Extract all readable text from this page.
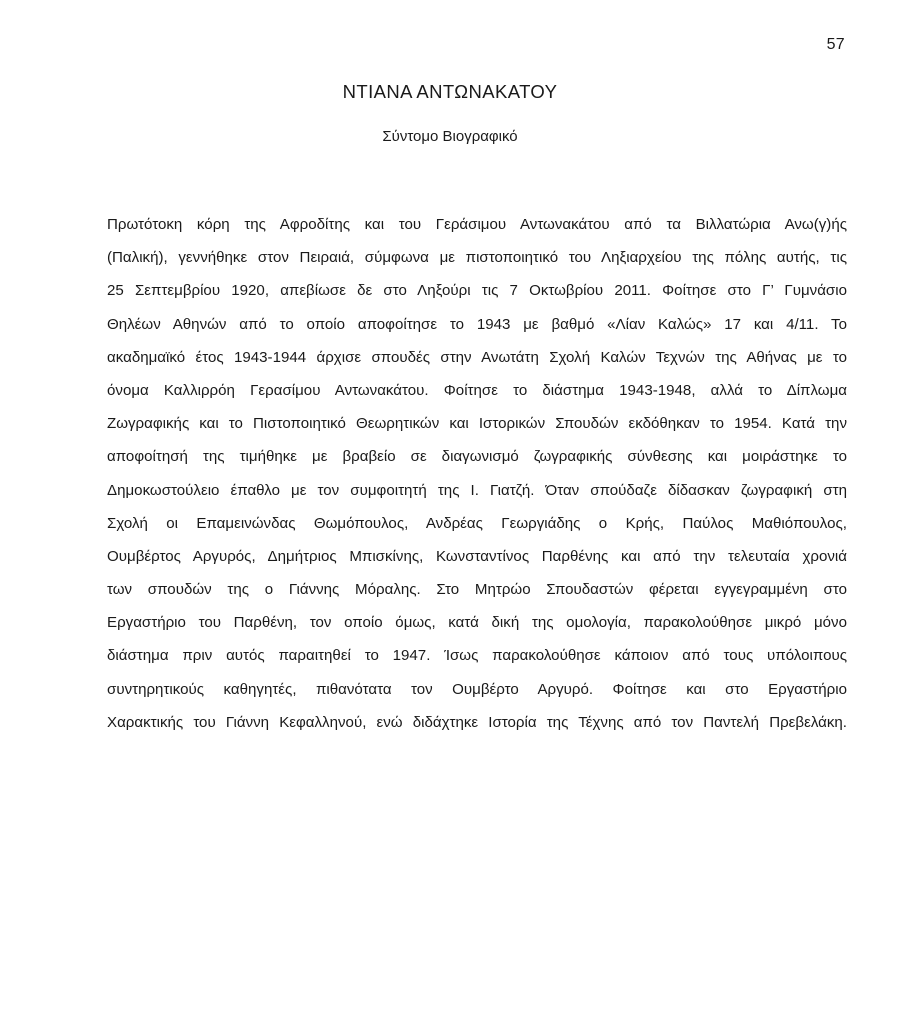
57
ΝΤΙΑΝΑ ΑΝΤΩΝΑΚΑΤΟΥ
Σύντομο Βιογραφικό
Πρωτότοκη κόρη της Αφροδίτης και του Γεράσιμου Αντωνακάτου από τα Βιλλατώρια Ανω(γ)ής
(Παλική), γεννήθηκε στον Πειραιά, σύμφωνα με πιστοποιητικό του Ληξιαρχείου της πόλης αυτής, τις
25 Σεπτεμβρίου 1920, απεβίωσε δε στο Ληξούρι τις 7 Οκτωβρίου 2011. Φοίτησε στο Γ’ Γυμνάσιο
Θηλέων Αθηνών από το οποίο αποφοίτησε το 1943 με βαθμό «Λίαν Καλώς» 17 και 4/11. Το
ακαδημαϊκό έτος 1943-1944 άρχισε σπουδές στην Ανωτάτη Σχολή Καλών Τεχνών της Αθήνας με το
όνομα Καλλιρρόη Γερασίμου Αντωνακάτου. Φοίτησε το διάστημα 1943-1948, αλλά το Δίπλωμα
Ζωγραφικής και το Πιστοποιητικό Θεωρητικών και Ιστορικών Σπουδών εκδόθηκαν το 1954. Κατά την
αποφοίτησή της τιμήθηκε με βραβείο σε διαγωνισμό ζωγραφικής σύνθεσης και μοιράστηκε το
Δημοκωστούλειο έπαθλο με τον συμφοιτητή της Ι. Γιατζή. Όταν σπούδαζε δίδασκαν ζωγραφική στη
Σχολή οι Επαμεινώνδας Θωμόπουλος, Ανδρέας Γεωργιάδης ο Κρής, Παύλος Μαθιόπουλος,
Ουμβέρτος Αργυρός, Δημήτριος Μπισκίνης, Κωνσταντίνος Παρθένης και από την τελευταία χρονιά
των σπουδών της ο Γιάννης Μόραλης. Στο Μητρώο Σπουδαστών φέρεται εγγεγραμμένη στο
Εργαστήριο του Παρθένη, τον οποίο όμως, κατά δική της ομολογία, παρακολούθησε μικρό μόνο
διάστημα πριν αυτός παραιτηθεί το 1947. Ίσως παρακολούθησε κάποιον από τους υπόλοιπους
συντηρητικούς καθηγητές, πιθανότατα τον Ουμβέρτο Αργυρό. Φοίτησε και στο Εργαστήριο
Χαρακτικής του Γιάννη Κεφαλληνού, ενώ διδάχτηκε Ιστορία της Τέχνης από τον Παντελή Πρεβελάκη.
